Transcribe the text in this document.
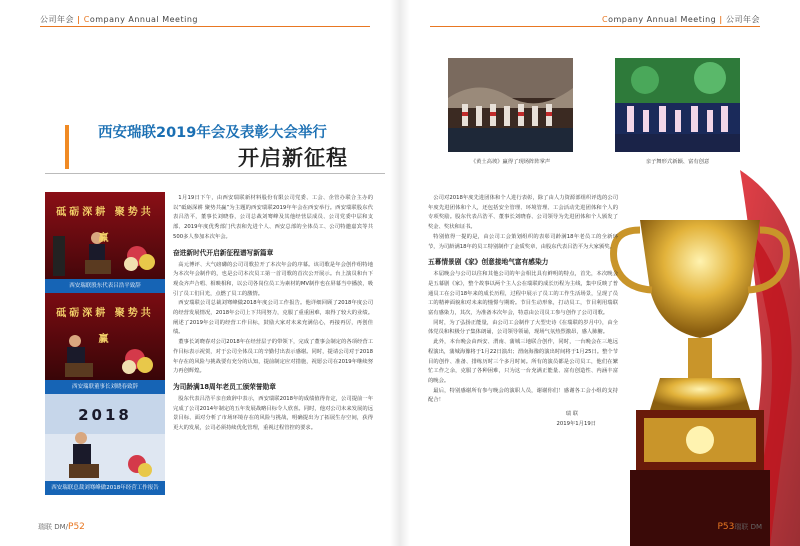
公司年会 | Company Annual Meeting
西安瑞联2019年会及表彰大会举行
开启新征程
砥砺深耕 聚势共赢
西安瑞联股东代表吕浩平致辞
砥砺深耕 聚势共赢
西安瑞联董事长刘晓春致辞
2018
西安瑞联总裁刘骞峰做2018年经营工作报告

1月19日下午，由西安瑞联新材料股份有限公司党委、工会、企管办联合主办的以“砥砺深耕 聚势共赢”为主题的西安瑞联2019年年会在西安举行。西安瑞联股东代表吕浩平，董事长刘晓春，公司总裁刘骞峰及其他经营层成员、公司党委中层和支部、2019年度优秀部门代表和先进个人、西安总部的全体员工、公司特邀嘉宾等共500多人参加本次年会。

奋进新时代开启新征程谱写新篇章

高元博评、大气磅礴的公司司歌拉开了本次年会的序幕。该司歌是年会创作组特地为本次年会制作的，也是公司本次员工第一首司歌的首次公开展示。台上演员和台下观众齐声合唱、相映相和，以公司各岗位员工为素材的MV制作也在屏幕当中播放，吸引了员工们目光，点燃了员工的激情。

西安瑞联公司总裁刘骞峰做2018年度公司工作报告。他详细回顾了2018年度公司的经营发展情况，2018年公司上下共同努力，克服了重重困难，取得了较大的业绩。阐述了2019年公司的经营工作目标，鼓励大家对未来充满信心，再接再厉，再创佳绩。

董事长刘晓春对公司2018年在经营层子的带领下，完成了董事会制定的各项经营工作目标表示祝贺，对于公司全体员工的辛勤付出表示感谢。同时，提请公司对于2018年存在的风险与挑战要有充分的认知，提前制定应对措施，祝愿公司在2019年继续努力再创辉煌。

为司龄满18周年老员工颁荣誉勋章

股东代表吕浩平亲自致辞中表示，西安瑞联2018年的成绩值得肯定，公司提前一年完成了公司2014年制定的五年发展战略目标令人欣喜。同时，他对公司未来发展的远景目标、面对分析了市场环境存在的风险与挑战，明确提出为了拓展生存空间，获得更大的发展，公司必须持续优化管理，重视过程管控的要求。

瑞联 DM/P52
Company Annual Meeting | 公司年会
《黄土高坡》赢得了现场阵阵掌声	亲子舞形式新颖、富有创意

公司对2018年度先进团体和个人进行表彰，除了由人力资源部组织评选的公司年度先进团体和个人，还包括安全管理、环境管理、工会活动先进团体和个人的专项奖励。股东代表吕浩平、董事长刘晓春、公司领导为先进团体和个人颁发了奖金、奖状和证书。

特别值得一提的是，由公司工会策划组织的表彰司龄满18年老员工的全新环节，为司龄满18年的员工特别制作了金质奖章，由股东代表吕浩平为大家颁奖。

五幕情景剧《家》创意接地气富有感染力

本届晚会与公司以往和其他公司的年会相比具有鲜明的特点，首先，本次晚会是五幕剧《家》，整个故事以两个主人公在瑞联的成长历程为主线，集中反映了普通员工在公司18年来的成长历程，过程中展示了员工的工作生活场景，呈现了员工的精神面貌和对未来的憧憬与期盼。节目生动形象，打动员工，节目利用瑞联富有感染力，其次，为准备本次年会，特意由公司员工参与创作了公司司歌。

同时，为了弘扬正能量，由公司工会制作了大型史诗《在瑞联的岁月中》，由全体党员和积极分子集体朗诵，公司领导领诵，现场气氛热烈激昂，感人肺腑。

此外，本台晚会由西安、渭南、蒲城三地联合创作，同时，一台晚会在三地远程演出，蒲城海豫将于1月22日演出；渭南海豫的演出时间将于1月25日。整个节目的创作、准备、排练历时三个多月时间。所有的演员都是公司员工，他们在繁忙工作之余，克服了各种困难，只为这一台充满正能量、富有创造性、内涵丰富的晚会。

最后，特别感谢所有参与晚会的演职人员，谢谢你们！感谢各工会小组的支持配合！

瑞 联
2019年1月19日
P53瑞联 DM
